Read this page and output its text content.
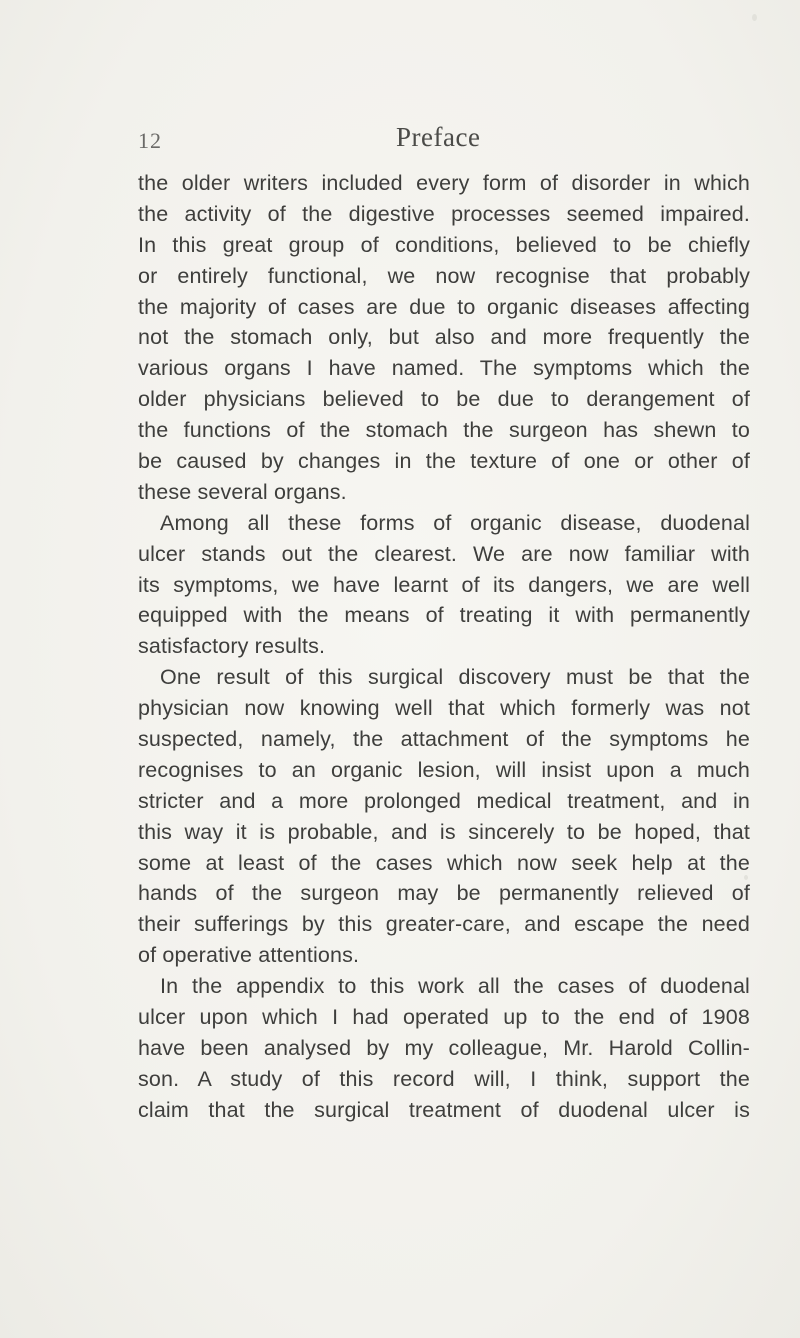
12	Preface
the older writers included every form of disorder in which
the activity of the digestive processes seemed impaired.
In this great group of conditions, believed to be chiefly
or entirely functional, we now recognise that probably
the majority of cases are due to organic diseases affecting
not the stomach only, but also and more frequently the
various organs I have named. The symptoms which the
older physicians believed to be due to derangement of
the functions of the stomach the surgeon has shewn to
be caused by changes in the texture of one or other of
these several organs.
Among all these forms of organic disease, duodenal
ulcer stands out the clearest. We are now familiar with
its symptoms, we have learnt of its dangers, we are well
equipped with the means of treating it with permanently
satisfactory results.
One result of this surgical discovery must be that the
physician now knowing well that which formerly was not
suspected, namely, the attachment of the symptoms he
recognises to an organic lesion, will insist upon a much
stricter and a more prolonged medical treatment, and in
this way it is probable, and is sincerely to be hoped, that
some at least of the cases which now seek help at the
hands of the surgeon may be permanently relieved of
their sufferings by this greater-care, and escape the need
of operative attentions.
In the appendix to this work all the cases of duodenal
ulcer upon which I had operated up to the end of 1908
have been analysed by my colleague, Mr. Harold Collin-
son. A study of this record will, I think, support the
claim that the surgical treatment of duodenal ulcer is
